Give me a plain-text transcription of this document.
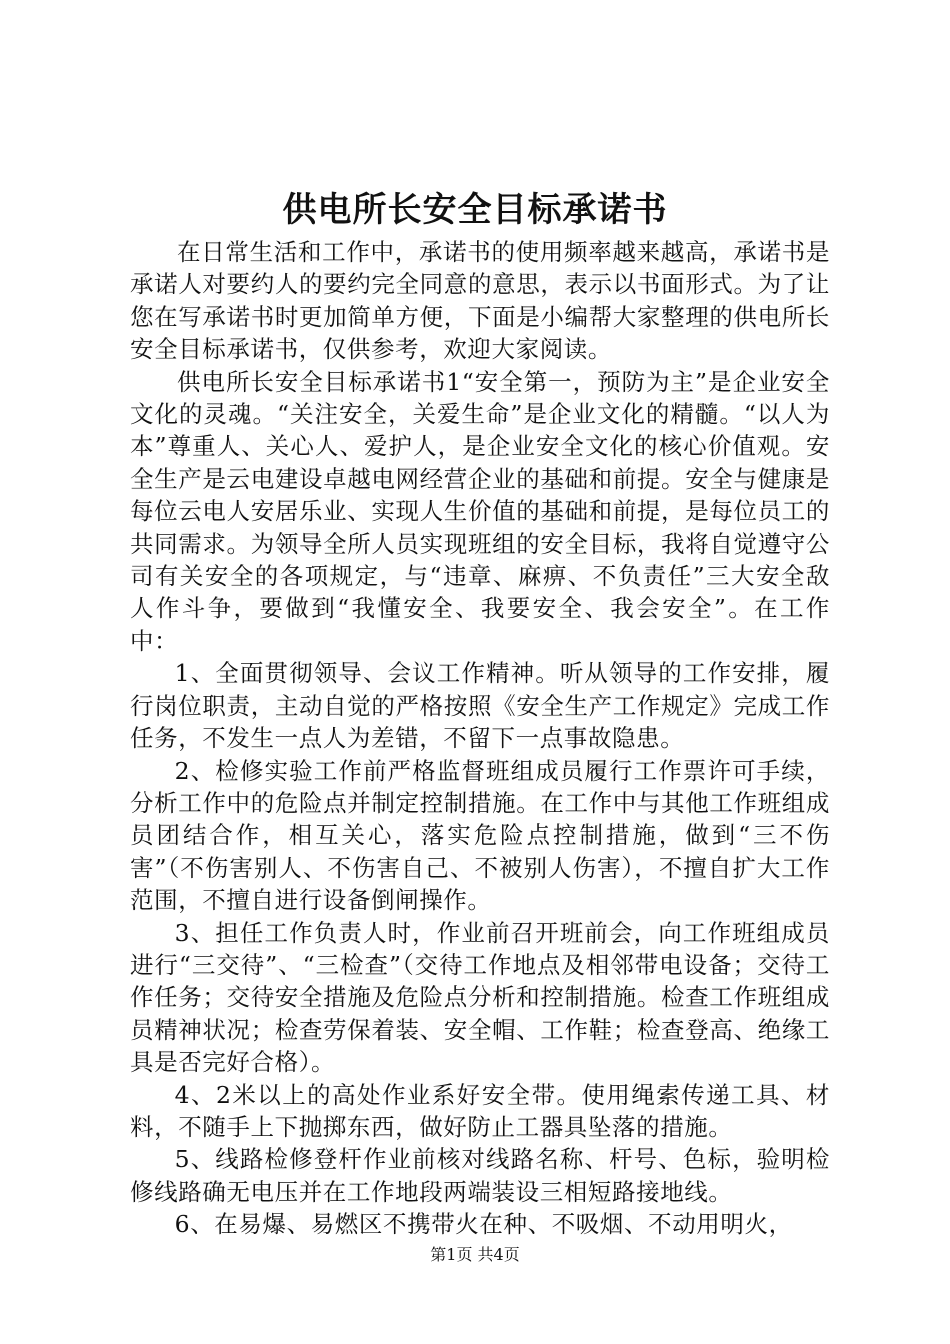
供电所长安全目标承诺书

在日常生活和工作中，承诺书的使用频率越来越高，承诺书是承诺人对要约人的要约完全同意的意思，表示以书面形式。为了让您在写承诺书时更加简单方便，下面是小编帮大家整理的供电所长安全目标承诺书，仅供参考，欢迎大家阅读。

供电所长安全目标承诺书1“安全第一，预防为主”是企业安全文化的灵魂。“关注安全，关爱生命”是企业文化的精髓。“以人为本”尊重人、关心人、爱护人，是企业安全文化的核心价值观。安全生产是云电建设卓越电网经营企业的基础和前提。安全与健康是每位云电人安居乐业、实现人生价值的基础和前提，是每位员工的共同需求。为领导全所人员实现班组的安全目标，我将自觉遵守公司有关安全的各项规定，与“违章、麻痹、不负责任”三大安全敌人作斗争，要做到“我懂安全、我要安全、我会安全”。在工作中：

1、全面贯彻领导、会议工作精神。听从领导的工作安排，履行岗位职责，主动自觉的严格按照《安全生产工作规定》完成工作任务，不发生一点人为差错，不留下一点事故隐患。

2、检修实验工作前严格监督班组成员履行工作票许可手续，分析工作中的危险点并制定控制措施。在工作中与其他工作班组成员团结合作，相互关心，落实危险点控制措施，做到“三不伤害”（不伤害别人、不伤害自己、不被别人伤害），不擅自扩大工作范围，不擅自进行设备倒闸操作。

3、担任工作负责人时，作业前召开班前会，向工作班组成员进行“三交待”、“三检查”（交待工作地点及相邻带电设备；交待工作任务；交待安全措施及危险点分析和控制措施。检查工作班组成员精神状况；检查劳保着装、安全帽、工作鞋；检查登高、绝缘工具是否完好合格）。

4、2米以上的高处作业系好安全带。使用绳索传递工具、材料，不随手上下抛掷东西，做好防止工器具坠落的措施。

5、线路检修登杆作业前核对线路名称、杆号、色标，验明检修线路确无电压并在工作地段两端装设三相短路接地线。

6、在易爆、易燃区不携带火在种、不吸烟、不动用明火，

第1页 共4页
